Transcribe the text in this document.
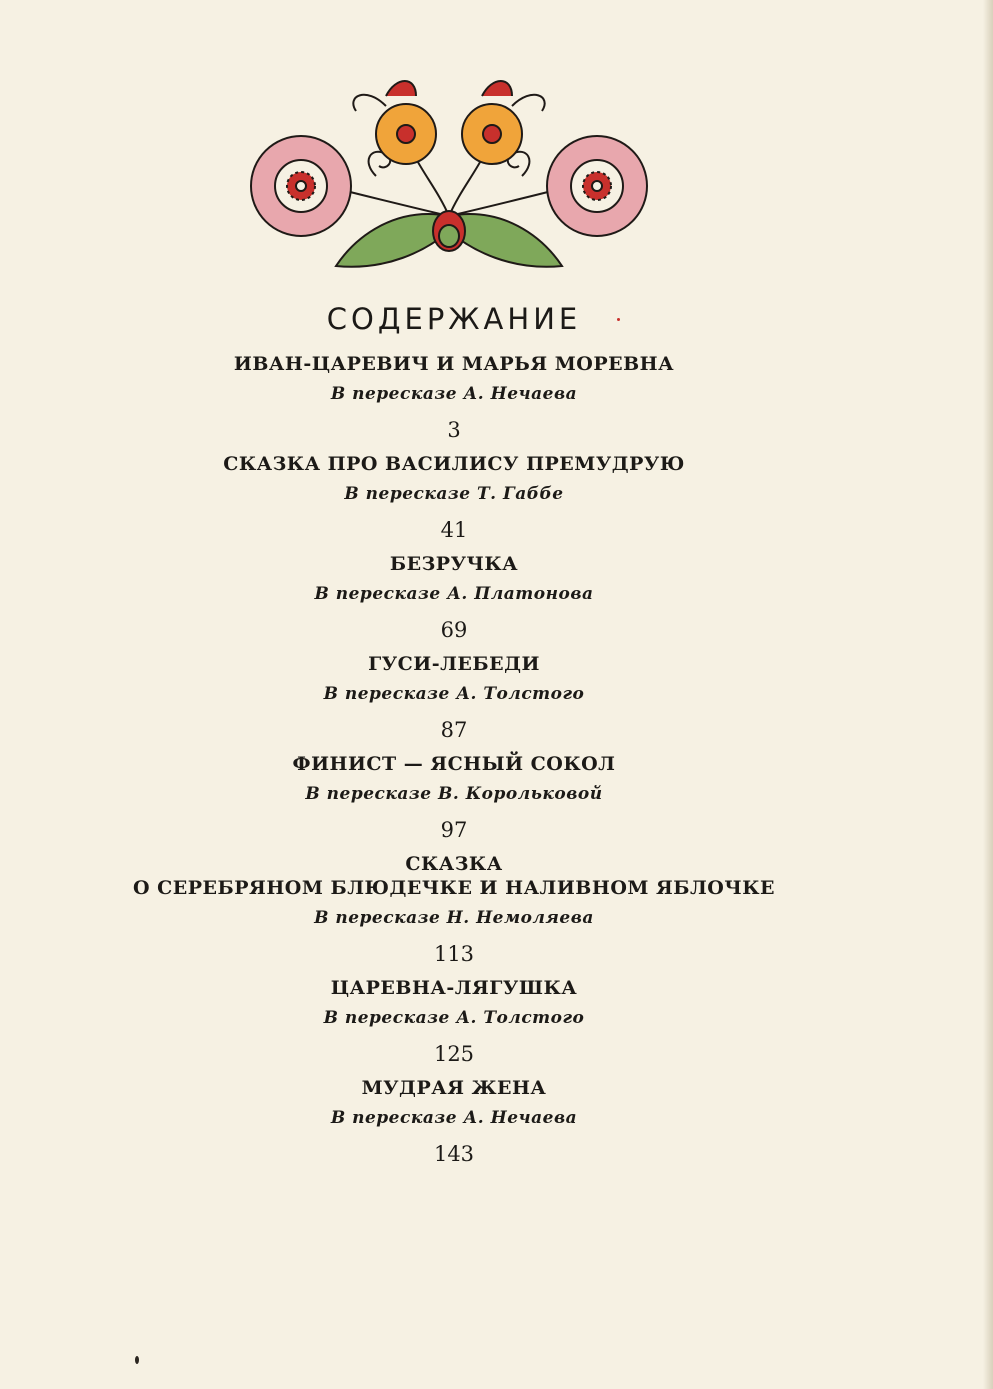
СОДЕРЖАНИЕ
ИВАН-ЦАРЕВИЧ И МАРЬЯ МОРЕВНА
В пересказе А. Нечаева
3
СКАЗКА ПРО ВАСИЛИСУ ПРЕМУДРУЮ
В пересказе Т. Габбе
41
БЕЗРУЧКА
В пересказе А. Платонова
69
ГУСИ-ЛЕБЕДИ
В пересказе А. Толстого
87
ФИНИСТ — ЯСНЫЙ СОКОЛ
В пересказе В. Корольковой
97
СКАЗКА
О СЕРЕБРЯНОМ БЛЮДЕЧКЕ И НАЛИВНОМ ЯБЛОЧКЕ
В пересказе Н. Немоляева
113
ЦАРЕВНА-ЛЯГУШКА
В пересказе А. Толстого
125
МУДРАЯ ЖЕНА
В пересказе А. Нечаева
143
